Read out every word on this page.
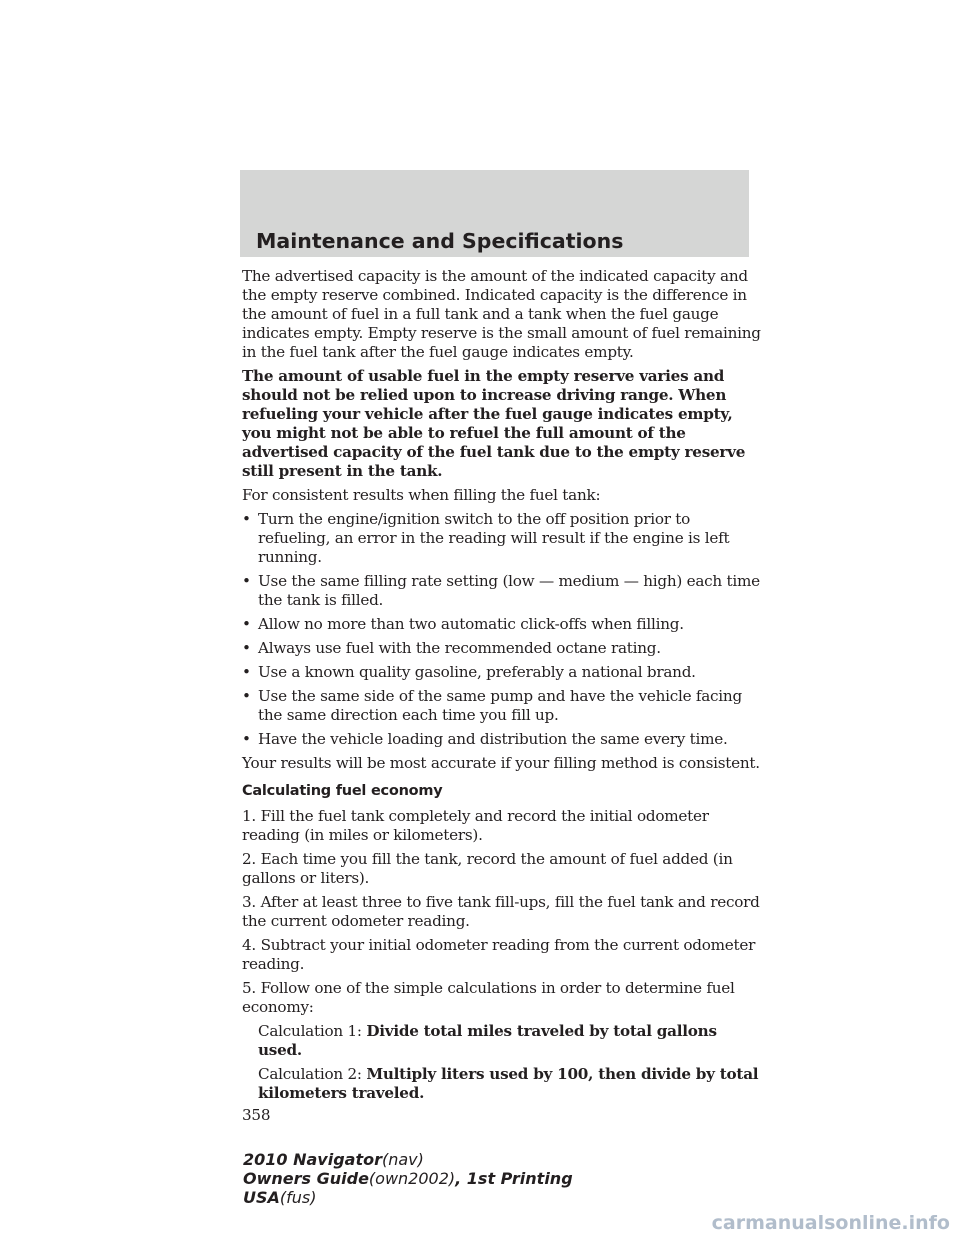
Maintenance and Specifications

The advertised capacity is the amount of the indicated capacity and the empty reserve combined. Indicated capacity is the difference in the amount of fuel in a full tank and a tank when the fuel gauge indicates empty. Empty reserve is the small amount of fuel remaining in the fuel tank after the fuel gauge indicates empty.

The amount of usable fuel in the empty reserve varies and should not be relied upon to increase driving range. When refueling your vehicle after the fuel gauge indicates empty, you might not be able to refuel the full amount of the advertised capacity of the fuel tank due to the empty reserve still present in the tank.

For consistent results when filling the fuel tank:

• Turn the engine/ignition switch to the off position prior to refueling, an error in the reading will result if the engine is left running.
• Use the same filling rate setting (low — medium — high) each time the tank is filled.
• Allow no more than two automatic click-offs when filling.
• Always use fuel with the recommended octane rating.
• Use a known quality gasoline, preferably a national brand.
• Use the same side of the same pump and have the vehicle facing the same direction each time you fill up.
• Have the vehicle loading and distribution the same every time.

Your results will be most accurate if your filling method is consistent.

Calculating fuel economy

1. Fill the fuel tank completely and record the initial odometer reading (in miles or kilometers).

2. Each time you fill the tank, record the amount of fuel added (in gallons or liters).

3. After at least three to five tank fill-ups, fill the fuel tank and record the current odometer reading.

4. Subtract your initial odometer reading from the current odometer reading.

5. Follow one of the simple calculations in order to determine fuel economy:

Calculation 1: Divide total miles traveled by total gallons used.

Calculation 2: Multiply liters used by 100, then divide by total kilometers traveled.

358
2010 Navigator(nav)
Owners Guide(own2002), 1st Printing
USA(fus)
carmanualsonline.info
